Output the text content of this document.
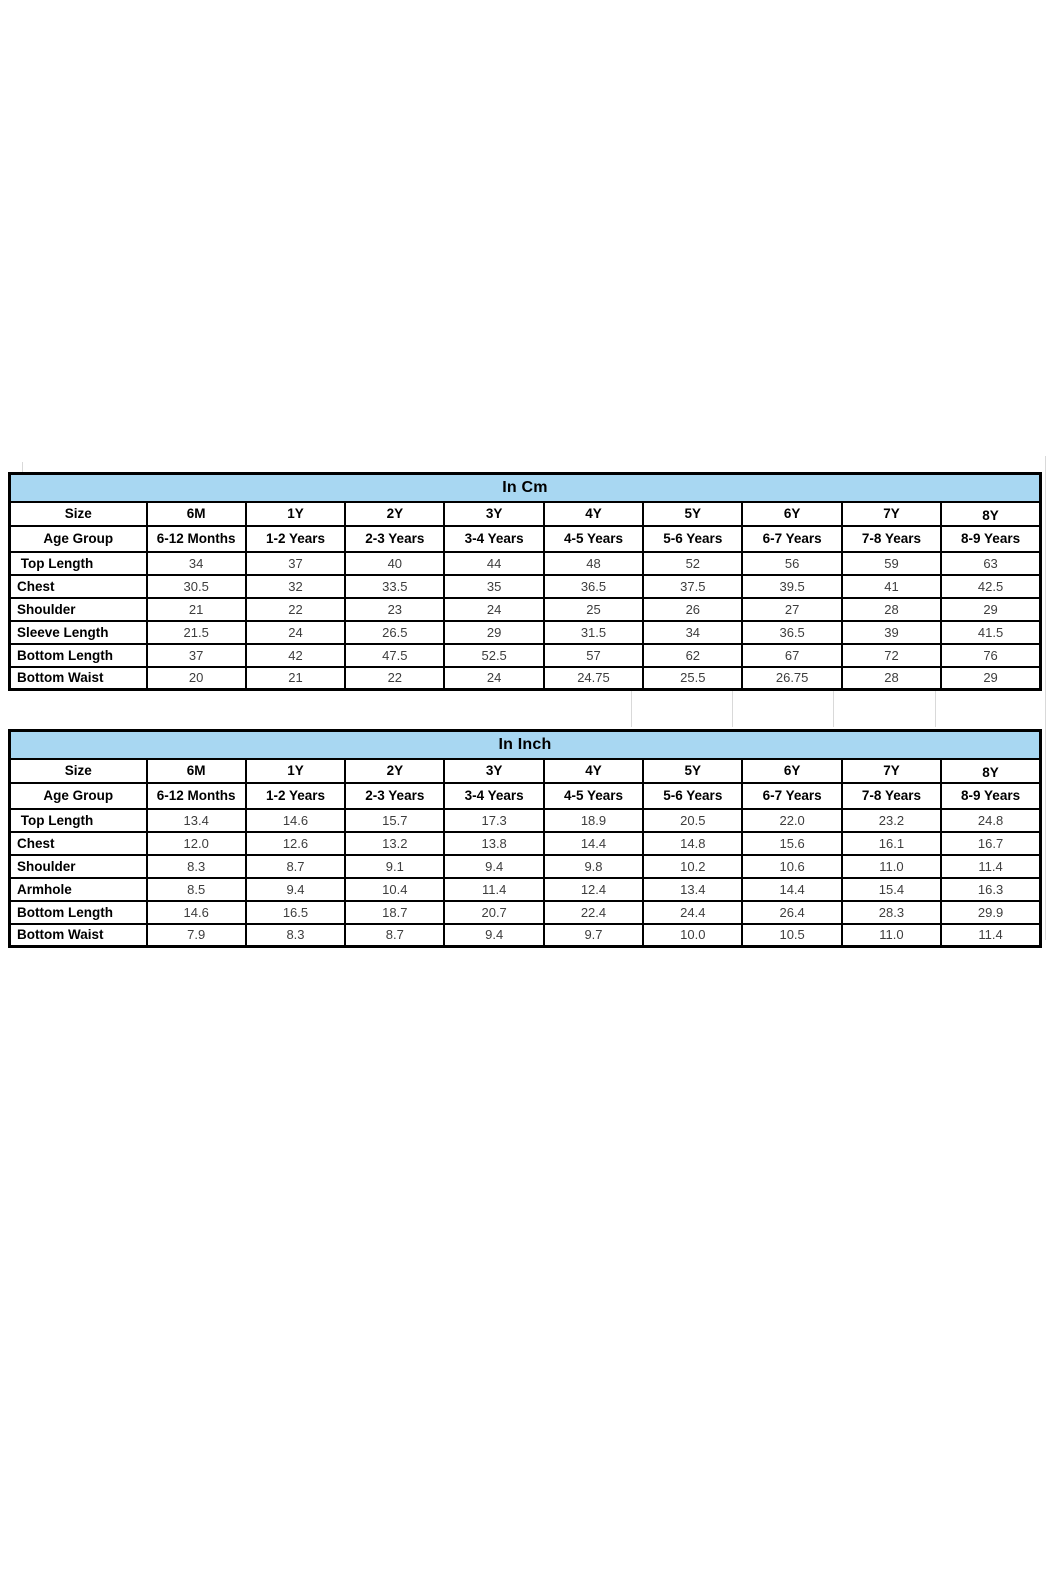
In Cm									
Size	6M	1Y	2Y	3Y	4Y	5Y	6Y	7Y	8Y
Age Group	6-12 Months	1-2 Years	2-3 Years	3-4 Years	4-5 Years	5-6 Years	6-7 Years	7-8 Years	8-9 Years
Top Length	34	37	40	44	48	52	56	59	63
Chest	30.5	32	33.5	35	36.5	37.5	39.5	41	42.5
Shoulder	21	22	23	24	25	26	27	28	29
Sleeve Length	21.5	24	26.5	29	31.5	34	36.5	39	41.5
Bottom Length	37	42	47.5	52.5	57	62	67	72	76
Bottom Waist	20	21	22	24	24.75	25.5	26.75	28	29
In Inch									
Size	6M	1Y	2Y	3Y	4Y	5Y	6Y	7Y	8Y
Age Group	6-12 Months	1-2 Years	2-3 Years	3-4 Years	4-5 Years	5-6 Years	6-7 Years	7-8 Years	8-9 Years
Top Length	13.4	14.6	15.7	17.3	18.9	20.5	22.0	23.2	24.8
Chest	12.0	12.6	13.2	13.8	14.4	14.8	15.6	16.1	16.7
Shoulder	8.3	8.7	9.1	9.4	9.8	10.2	10.6	11.0	11.4
Armhole	8.5	9.4	10.4	11.4	12.4	13.4	14.4	15.4	16.3
Bottom Length	14.6	16.5	18.7	20.7	22.4	24.4	26.4	28.3	29.9
Bottom Waist	7.9	8.3	8.7	9.4	9.7	10.0	10.5	11.0	11.4
